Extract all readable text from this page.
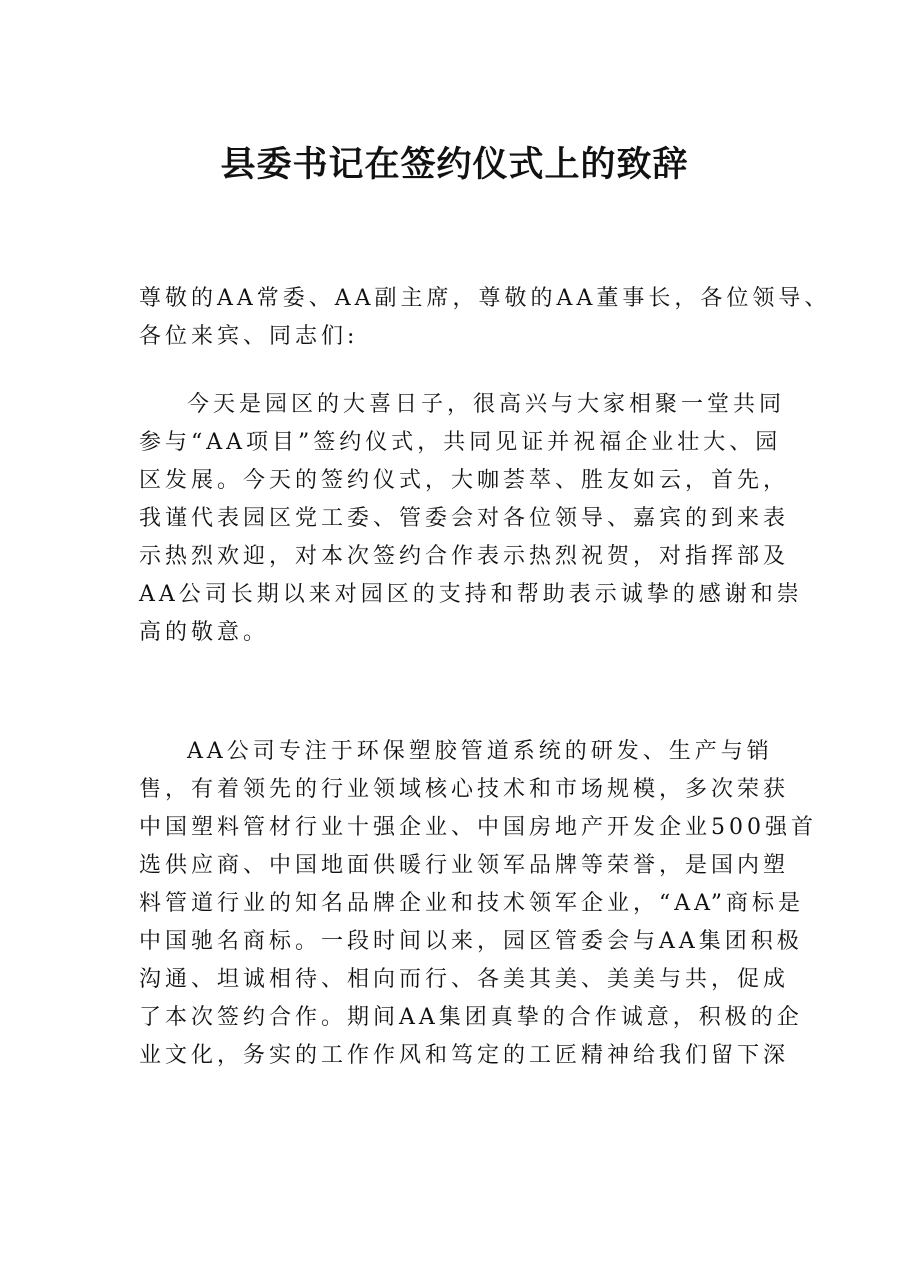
县委书记在签约仪式上的致辞
尊敬的AA常委、AA副主席，尊敬的AA董事长，各位领导、
各位来宾、同志们:
今天是园区的大喜日子，很高兴与大家相聚一堂共同
参与“AA项目”签约仪式，共同见证并祝福企业壮大、园
区发展。今天的签约仪式，大咖荟萃、胜友如云，首先，
我谨代表园区党工委、管委会对各位领导、嘉宾的到来表
示热烈欢迎，对本次签约合作表示热烈祝贺，对指挥部及
AA公司长期以来对园区的支持和帮助表示诚挚的感谢和崇
高的敬意。
AA公司专注于环保塑胶管道系统的研发、生产与销
售，有着领先的行业领域核心技术和市场规模，多次荣获
中国塑料管材行业十强企业、中国房地产开发企业500强首
选供应商、中国地面供暖行业领军品牌等荣誉，是国内塑
料管道行业的知名品牌企业和技术领军企业，“AA”商标是
中国驰名商标。一段时间以来，园区管委会与AA集团积极
沟通、坦诚相待、相向而行、各美其美、美美与共，促成
了本次签约合作。期间AA集团真挚的合作诚意，积极的企
业文化，务实的工作作风和笃定的工匠精神给我们留下深
